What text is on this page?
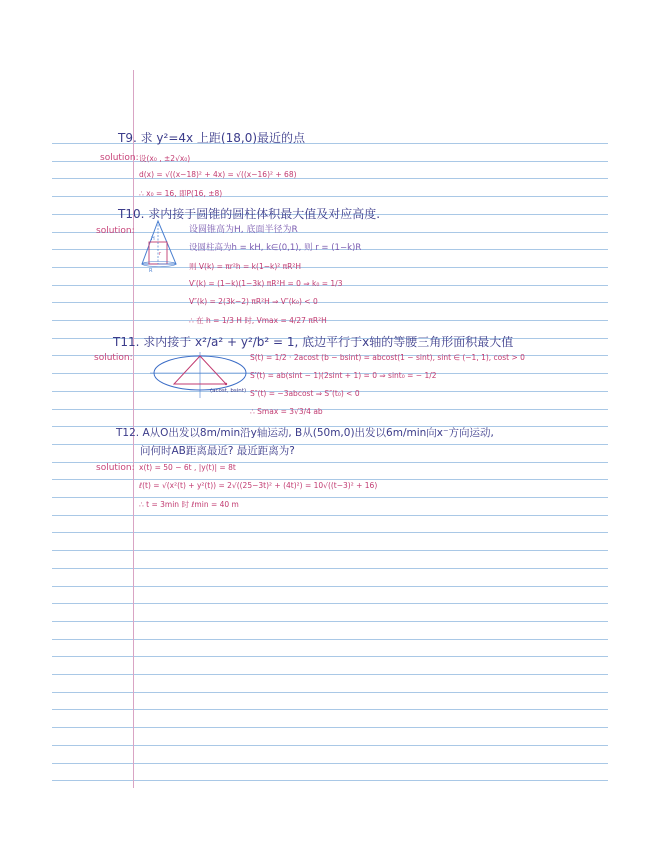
T9. 求 y²=4x 上距(18,0)最近的点
solution: 设(x₀ , ±2√x₀)
d(x) = √((x−18)² + 4x) = √((x−16)² + 68)
∴ x₀ = 16, 即P(16, ±8)
T10. 求内接于圆锥的圆柱体积最大值及对应高度.
solution:
H
r
R
设圆锥高为H, 底面半径为R
设圆柱高为h = kH, k∈(0,1), 则 r = (1−k)R
则 V(k) = πr²h = k(1−k)² πR²H
V′(k) = (1−k)(1−3k) πR²H = 0 ⇒ k₀ = 1/3
V″(k) = 2(3k−2) πR²H ⇒ V″(k₀) < 0
∴ 在 h = 1/3 H 时, Vmax = 4/27 πR²H
T11. 求内接于 x²/a² + y²/b² = 1, 底边平行于x轴的等腰三角形面积最大值
solution:
(acost, bsint)
S(t) = 1/2 · 2acost (b − bsint) = abcost(1 − sint), sint ∈ (−1, 1), cost > 0
S′(t) = ab(sint − 1)(2sint + 1) = 0 ⇒ sint₀ = − 1/2
S″(t) = −3abcost ⇒ S″(t₀) < 0
∴ Smax = 3√3/4 ab
T12. A从O出发以8m/min沿y轴运动, B从(50m,0)出发以6m/min向x⁻方向运动,
问何时AB距离最近? 最近距离为?
solution: x(t) = 50 − 6t , |y(t)| = 8t
ℓ(t) = √(x²(t) + y²(t)) = 2√((25−3t)² + (4t)²) = 10√((t−3)² + 16)
∴ t = 3min 时 ℓmin = 40 m
